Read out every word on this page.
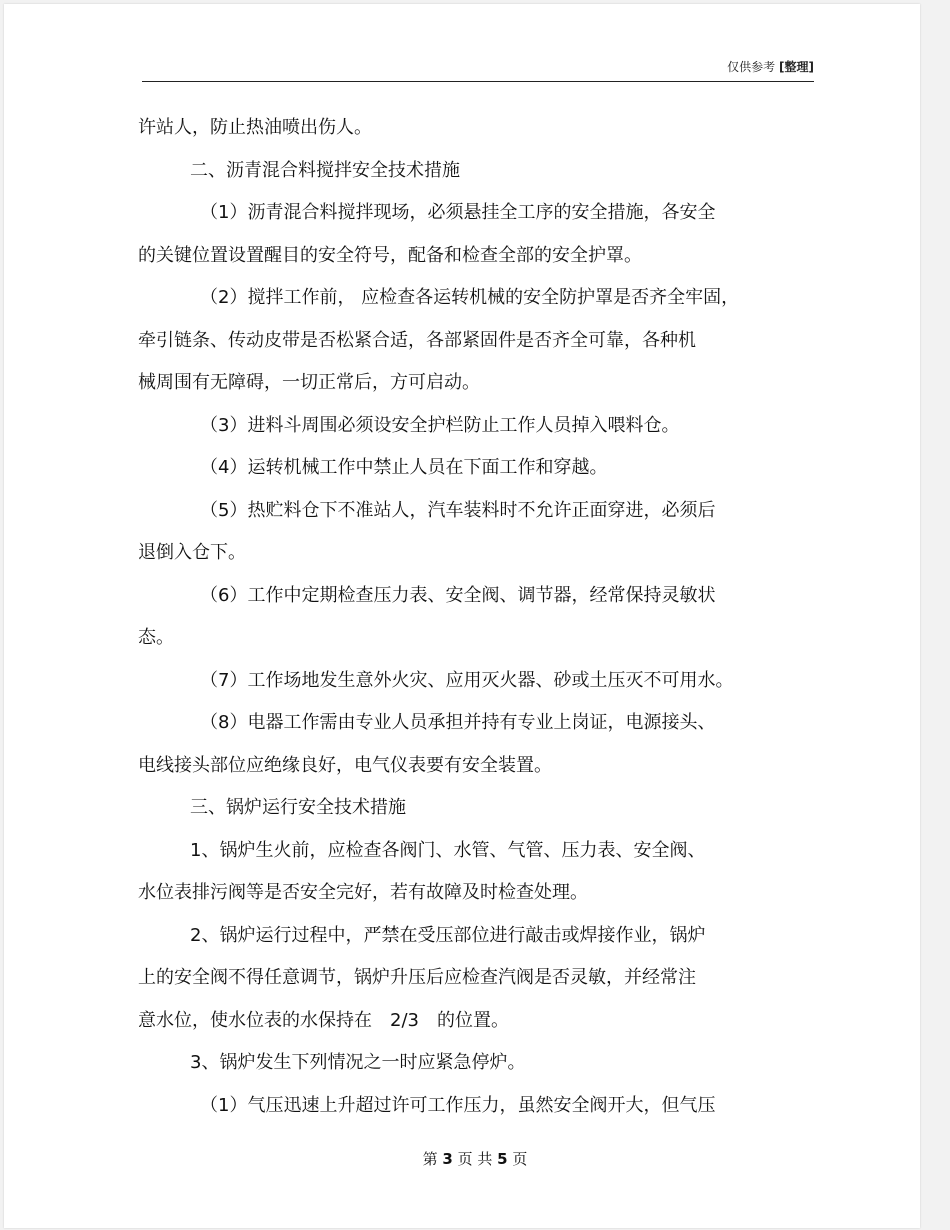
仅供参考 [整理]
许站人，防止热油喷出伤人。
二、沥青混合料搅拌安全技术措施
（1）沥青混合料搅拌现场，必须悬挂全工序的安全措施，各安全
的关键位置设置醒目的安全符号，配备和检查全部的安全护罩。
（2）搅拌工作前， 应检查各运转机械的安全防护罩是否齐全牢固，
牵引链条、传动皮带是否松紧合适，各部紧固件是否齐全可靠，各种机
械周围有无障碍，一切正常后，方可启动。
（3）进料斗周围必须设安全护栏防止工作人员掉入喂料仓。
（4）运转机械工作中禁止人员在下面工作和穿越。
（5）热贮料仓下不准站人，汽车装料时不允许正面穿进，必须后
退倒入仓下。
（6）工作中定期检查压力表、安全阀、调节器，经常保持灵敏状
态。
（7）工作场地发生意外火灾、应用灭火器、砂或土压灭不可用水。
（8）电器工作需由专业人员承担并持有专业上岗证，电源接头、
电线接头部位应绝缘良好，电气仪表要有安全装置。
三、锅炉运行安全技术措施
1、锅炉生火前，应检查各阀门、水管、气管、压力表、安全阀、
水位表排污阀等是否安全完好，若有故障及时检查处理。
2、锅炉运行过程中，严禁在受压部位进行敲击或焊接作业，锅炉
上的安全阀不得任意调节，锅炉升压后应检查汽阀是否灵敏，并经常注
意水位，使水位表的水保持在　2/3　的位置。
3、锅炉发生下列情况之一时应紧急停炉。
（1）气压迅速上升超过许可工作压力，虽然安全阀开大，但气压
第 3 页 共 5 页
